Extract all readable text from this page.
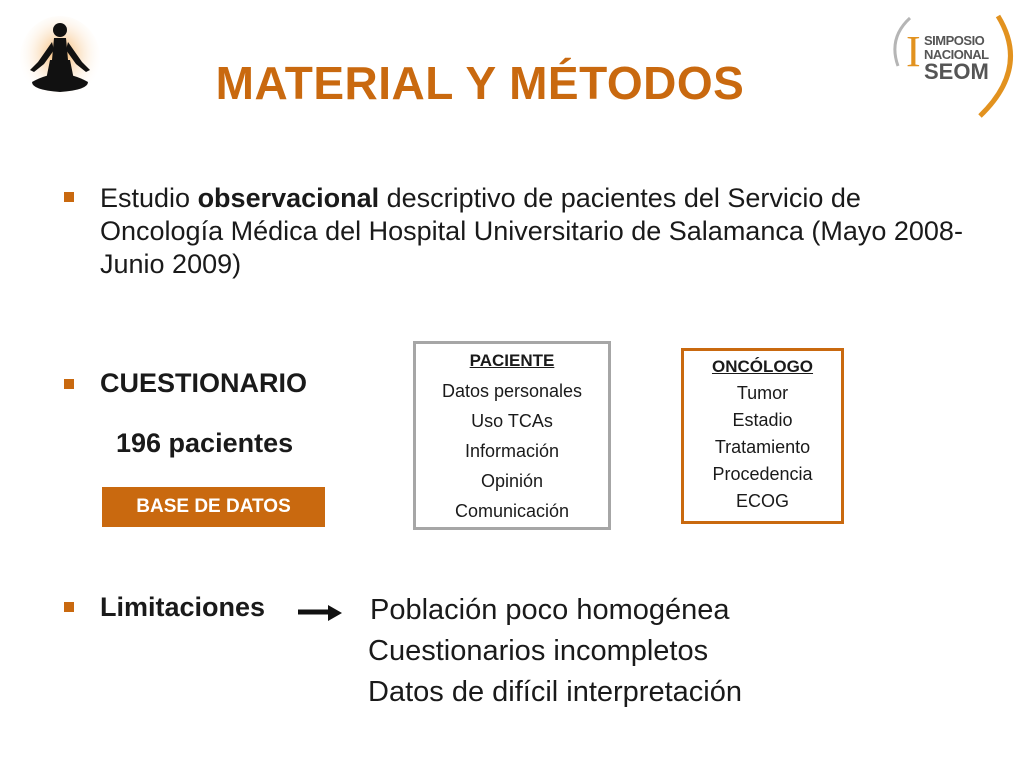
MATERIAL Y MÉTODOS
I SIMPOSIO
NACIONAL
SEOM
Estudio observacional descriptivo de pacientes del Servicio de Oncología Médica del Hospital Universitario de Salamanca (Mayo 2008- Junio 2009)
CUESTIONARIO
196 pacientes
BASE DE DATOS
PACIENTE
Datos personales
Uso TCAs
Información
Opinión
Comunicación
ONCÓLOGO
Tumor
Estadio
Tratamiento
Procedencia
ECOG
Limitaciones	Población poco homogénea
Cuestionarios incompletos
Datos de difícil interpretación
